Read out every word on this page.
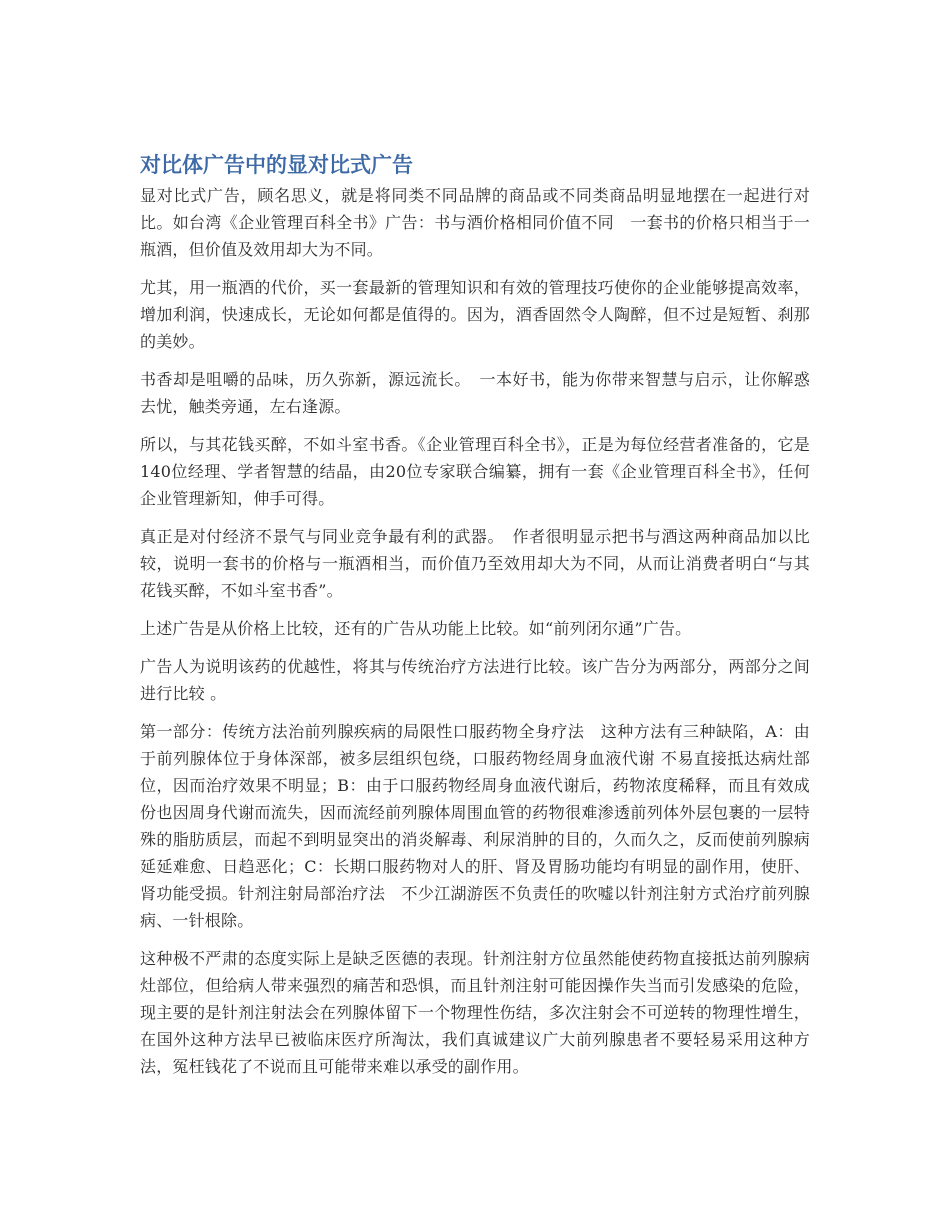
对比体广告中的显对比式广告

显对比式广告，顾名思义，就是将同类不同品牌的商品或不同类商品明显地摆在一起进行对比。如台湾《企业管理百科全书》广告：书与酒价格相同价值不同　一套书的价格只相当于一瓶酒，但价值及效用却大为不同。

尤其，用一瓶酒的代价，买一套最新的管理知识和有效的管理技巧使你的企业能够提高效率，增加利润，快速成长，无论如何都是值得的。因为，酒香固然令人陶醉，但不过是短暂、刹那的美妙。

书香却是咀嚼的品味，历久弥新，源远流长。　一本好书，能为你带来智慧与启示，让你解惑去忧，触类旁通，左右逢源。

所以，与其花钱买醉，不如斗室书香。《企业管理百科全书》，正是为每位经营者准备的，它是140位经理、学者智慧的结晶，由20位专家联合编纂，拥有一套《企业管理百科全书》，任何企业管理新知，伸手可得。

真正是对付经济不景气与同业竞争最有利的武器。　作者很明显示把书与酒这两种商品加以比较，说明一套书的价格与一瓶酒相当，而价值乃至效用却大为不同，从而让消费者明白“与其花钱买醉，不如斗室书香”。

上述广告是从价格上比较，还有的广告从功能上比较。如“前列闭尔通”广告。

广告人为说明该药的优越性，将其与传统治疗方法进行比较。该广告分为两部分，两部分之间进行比较 。

第一部分：传统方法治前列腺疾病的局限性口服药物全身疗法　这种方法有三种缺陷，A：由于前列腺体位于身体深部，被多层组织包绕，口服药物经周身血液代谢 不易直接抵达病灶部位，因而治疗效果不明显；B：由于口服药物经周身血液代谢后，药物浓度稀释，而且有效成份也因周身代谢而流失，因而流经前列腺体周围血管的药物很难渗透前列体外层包裹的一层特殊的脂肪质层，而起不到明显突出的消炎解毒、利尿消肿的目的，久而久之，反而使前列腺病延延难愈、日趋恶化；C：长期口服药物对人的肝、肾及胃肠功能均有明显的副作用，使肝、肾功能受损。针剂注射局部治疗法　不少江湖游医不负责任的吹嘘以针剂注射方式治疗前列腺病、一针根除。

这种极不严肃的态度实际上是缺乏医德的表现。针剂注射方位虽然能使药物直接抵达前列腺病灶部位，但给病人带来强烈的痛苦和恐惧，而且针剂注射可能因操作失当而引发感染的危险，现主要的是针剂注射法会在列腺体留下一个物理性伤结，多次注射会不可逆转的物理性增生，在国外这种方法早已被临床医疗所淘汰，我们真诚建议广大前列腺患者不要轻易采用这种方法，冤枉钱花了不说而且可能带来难以承受的副作用。
